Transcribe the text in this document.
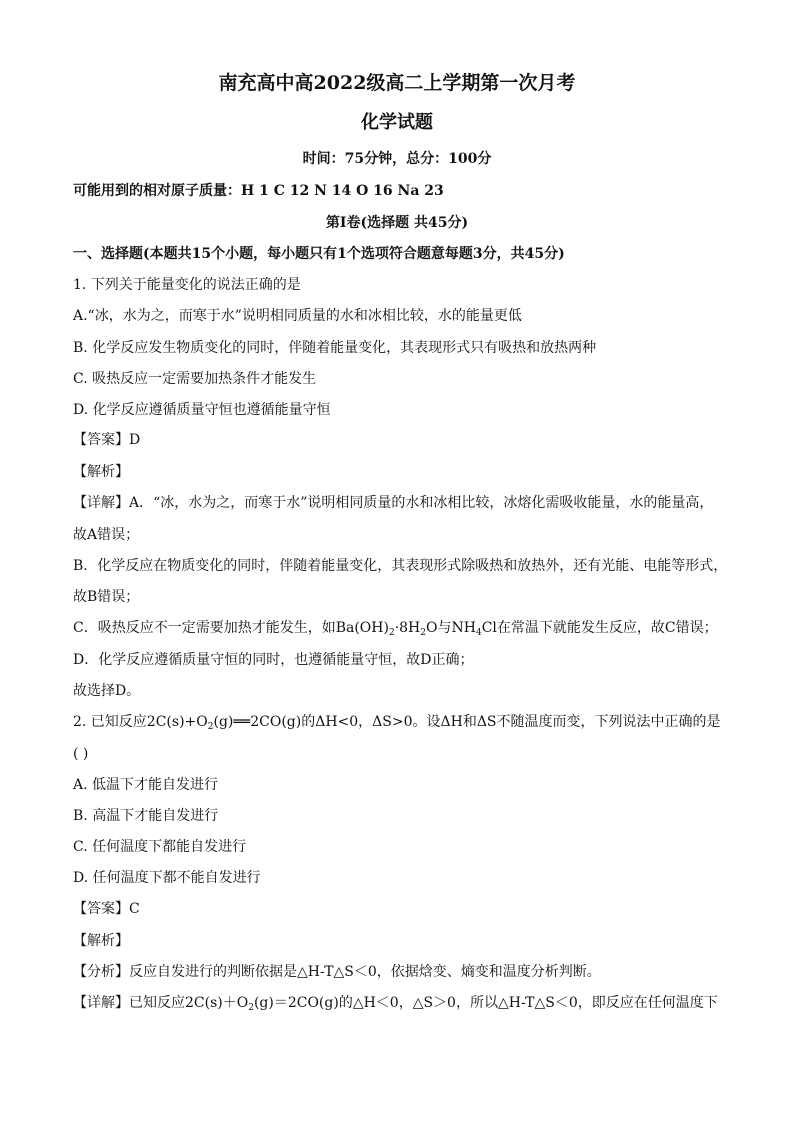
南充高中高2022级高二上学期第一次月考
化学试题
时间：75分钟，总分：100分
可能用到的相对原子质量：H 1 C 12 N 14 O 16 Na 23
第Ⅰ卷(选择题 共45分)
一、选择题(本题共15个小题，每小题只有1个选项符合题意每题3分，共45分)
1. 下列关于能量变化的说法正确的是
A.“冰，水为之，而寒于水”说明相同质量的水和冰相比较，水的能量更低
B. 化学反应发生物质变化的同时，伴随着能量变化，其表现形式只有吸热和放热两种
C. 吸热反应一定需要加热条件才能发生
D. 化学反应遵循质量守恒也遵循能量守恒
【答案】D
【解析】
【详解】A．“冰，水为之，而寒于水”说明相同质量的水和冰相比较，冰熔化需吸收能量，水的能量高，
故A错误；
B．化学反应在物质变化的同时，伴随着能量变化，其表现形式除吸热和放热外，还有光能、电能等形式，
故B错误；
C．吸热反应不一定需要加热才能发生，如$Ba(OH)_2\cdot 8H_2O$与$NH_4Cl$在常温下就能发生反应，故C错误；
D．化学反应遵循质量守恒的同时，也遵循能量守恒，故D正确；
故选择D。
2. 已知反应$2C(s)+O_2(g)══2CO(g)$的ΔH<0，ΔS>0。设ΔH和ΔS不随温度而变，下列说法中正确的是
( )
A. 低温下才能自发进行
B. 高温下才能自发进行
C. 任何温度下都能自发进行
D. 任何温度下都不能自发进行
【答案】C
【解析】
【分析】反应自发进行的判断依据是△H-T△S＜0，依据焓变、熵变和温度分析判断。
【详解】已知反应$2C(s)+O_2(g)=2CO(g)$的△H＜0，△S＞0，所以△H-T△S＜0，即反应在任何温度下
